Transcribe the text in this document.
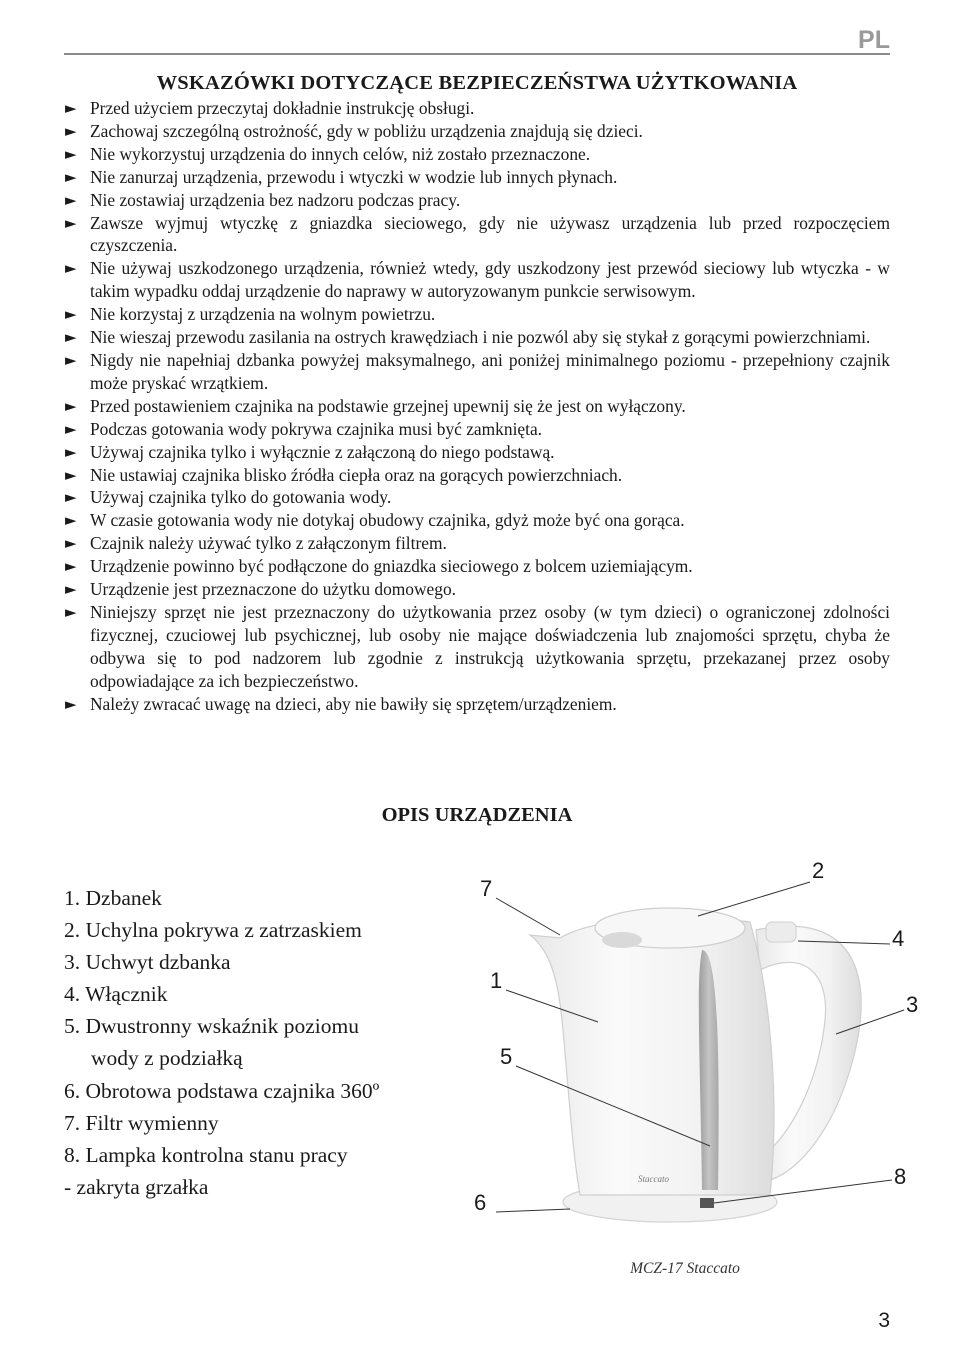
PL
WSKAZÓWKI DOTYCZĄCE BEZPIECZEŃSTWA UŻYTKOWANIA
► Przed użyciem przeczytaj dokładnie instrukcję obsługi.
► Zachowaj szczególną ostrożność, gdy w pobliżu urządzenia znajdują się dzieci.
► Nie wykorzystuj urządzenia do innych celów, niż zostało przeznaczone.
► Nie zanurzaj urządzenia, przewodu i wtyczki w wodzie lub innych płynach.
► Nie zostawiaj urządzenia bez nadzoru podczas pracy.
► Zawsze wyjmuj wtyczkę z gniazdka sieciowego, gdy nie używasz urządzenia lub przed rozpoczęciem czyszczenia.
► Nie używaj uszkodzonego urządzenia, również wtedy, gdy uszkodzony jest przewód sieciowy lub wtyczka - w takim wypadku oddaj urządzenie do naprawy w autoryzowanym punkcie serwisowym.
► Nie korzystaj z urządzenia na wolnym powietrzu.
► Nie wieszaj przewodu zasilania na ostrych krawędziach i nie pozwól aby się stykał z gorącymi powierzchniami.
► Nigdy nie napełniaj dzbanka powyżej maksymalnego, ani poniżej minimalnego poziomu - przepełniony czajnik może pryskać wrzątkiem.
► Przed postawieniem czajnika na podstawie grzejnej upewnij się że jest on wyłączony.
► Podczas gotowania wody pokrywa czajnika musi być zamknięta.
► Używaj czajnika tylko i wyłącznie z załączoną do niego podstawą.
► Nie ustawiaj czajnika blisko źródła ciepła oraz na gorących powierzchniach.
► Używaj czajnika tylko do gotowania wody.
► W czasie gotowania wody nie dotykaj obudowy czajnika, gdyż może być ona gorąca.
► Czajnik należy używać tylko z załączonym filtrem.
► Urządzenie powinno być podłączone do gniazdka sieciowego z bolcem uziemiającym.
► Urządzenie jest przeznaczone do użytku domowego.
► Niniejszy sprzęt nie jest przeznaczony do użytkowania przez osoby (w tym dzieci) o ograniczonej zdolności fizycznej, czuciowej lub psychicznej, lub osoby nie mające doświadczenia lub znajomości sprzętu, chyba że odbywa się to pod nadzorem lub zgodnie z instrukcją użytkowania sprzętu, przekazanej przez osoby odpowiadające za ich bezpieczeństwo.
► Należy zwracać uwagę na dzieci, aby nie bawiły się sprzętem/urządzeniem.
OPIS URZĄDZENIA
1. Dzbanek
2. Uchylna pokrywa z zatrzaskiem
3. Uchwyt dzbanka
4. Włącznik
5. Dwustronny wskaźnik poziomu
wody z podziałką
6. Obrotowa podstawa czajnika 360º
7. Filtr wymienny
8. Lampka kontrolna stanu pracy
- zakryta grzałka
7
2
4
1
3
5
8
6
Staccato
MCZ-17 Staccato
3
